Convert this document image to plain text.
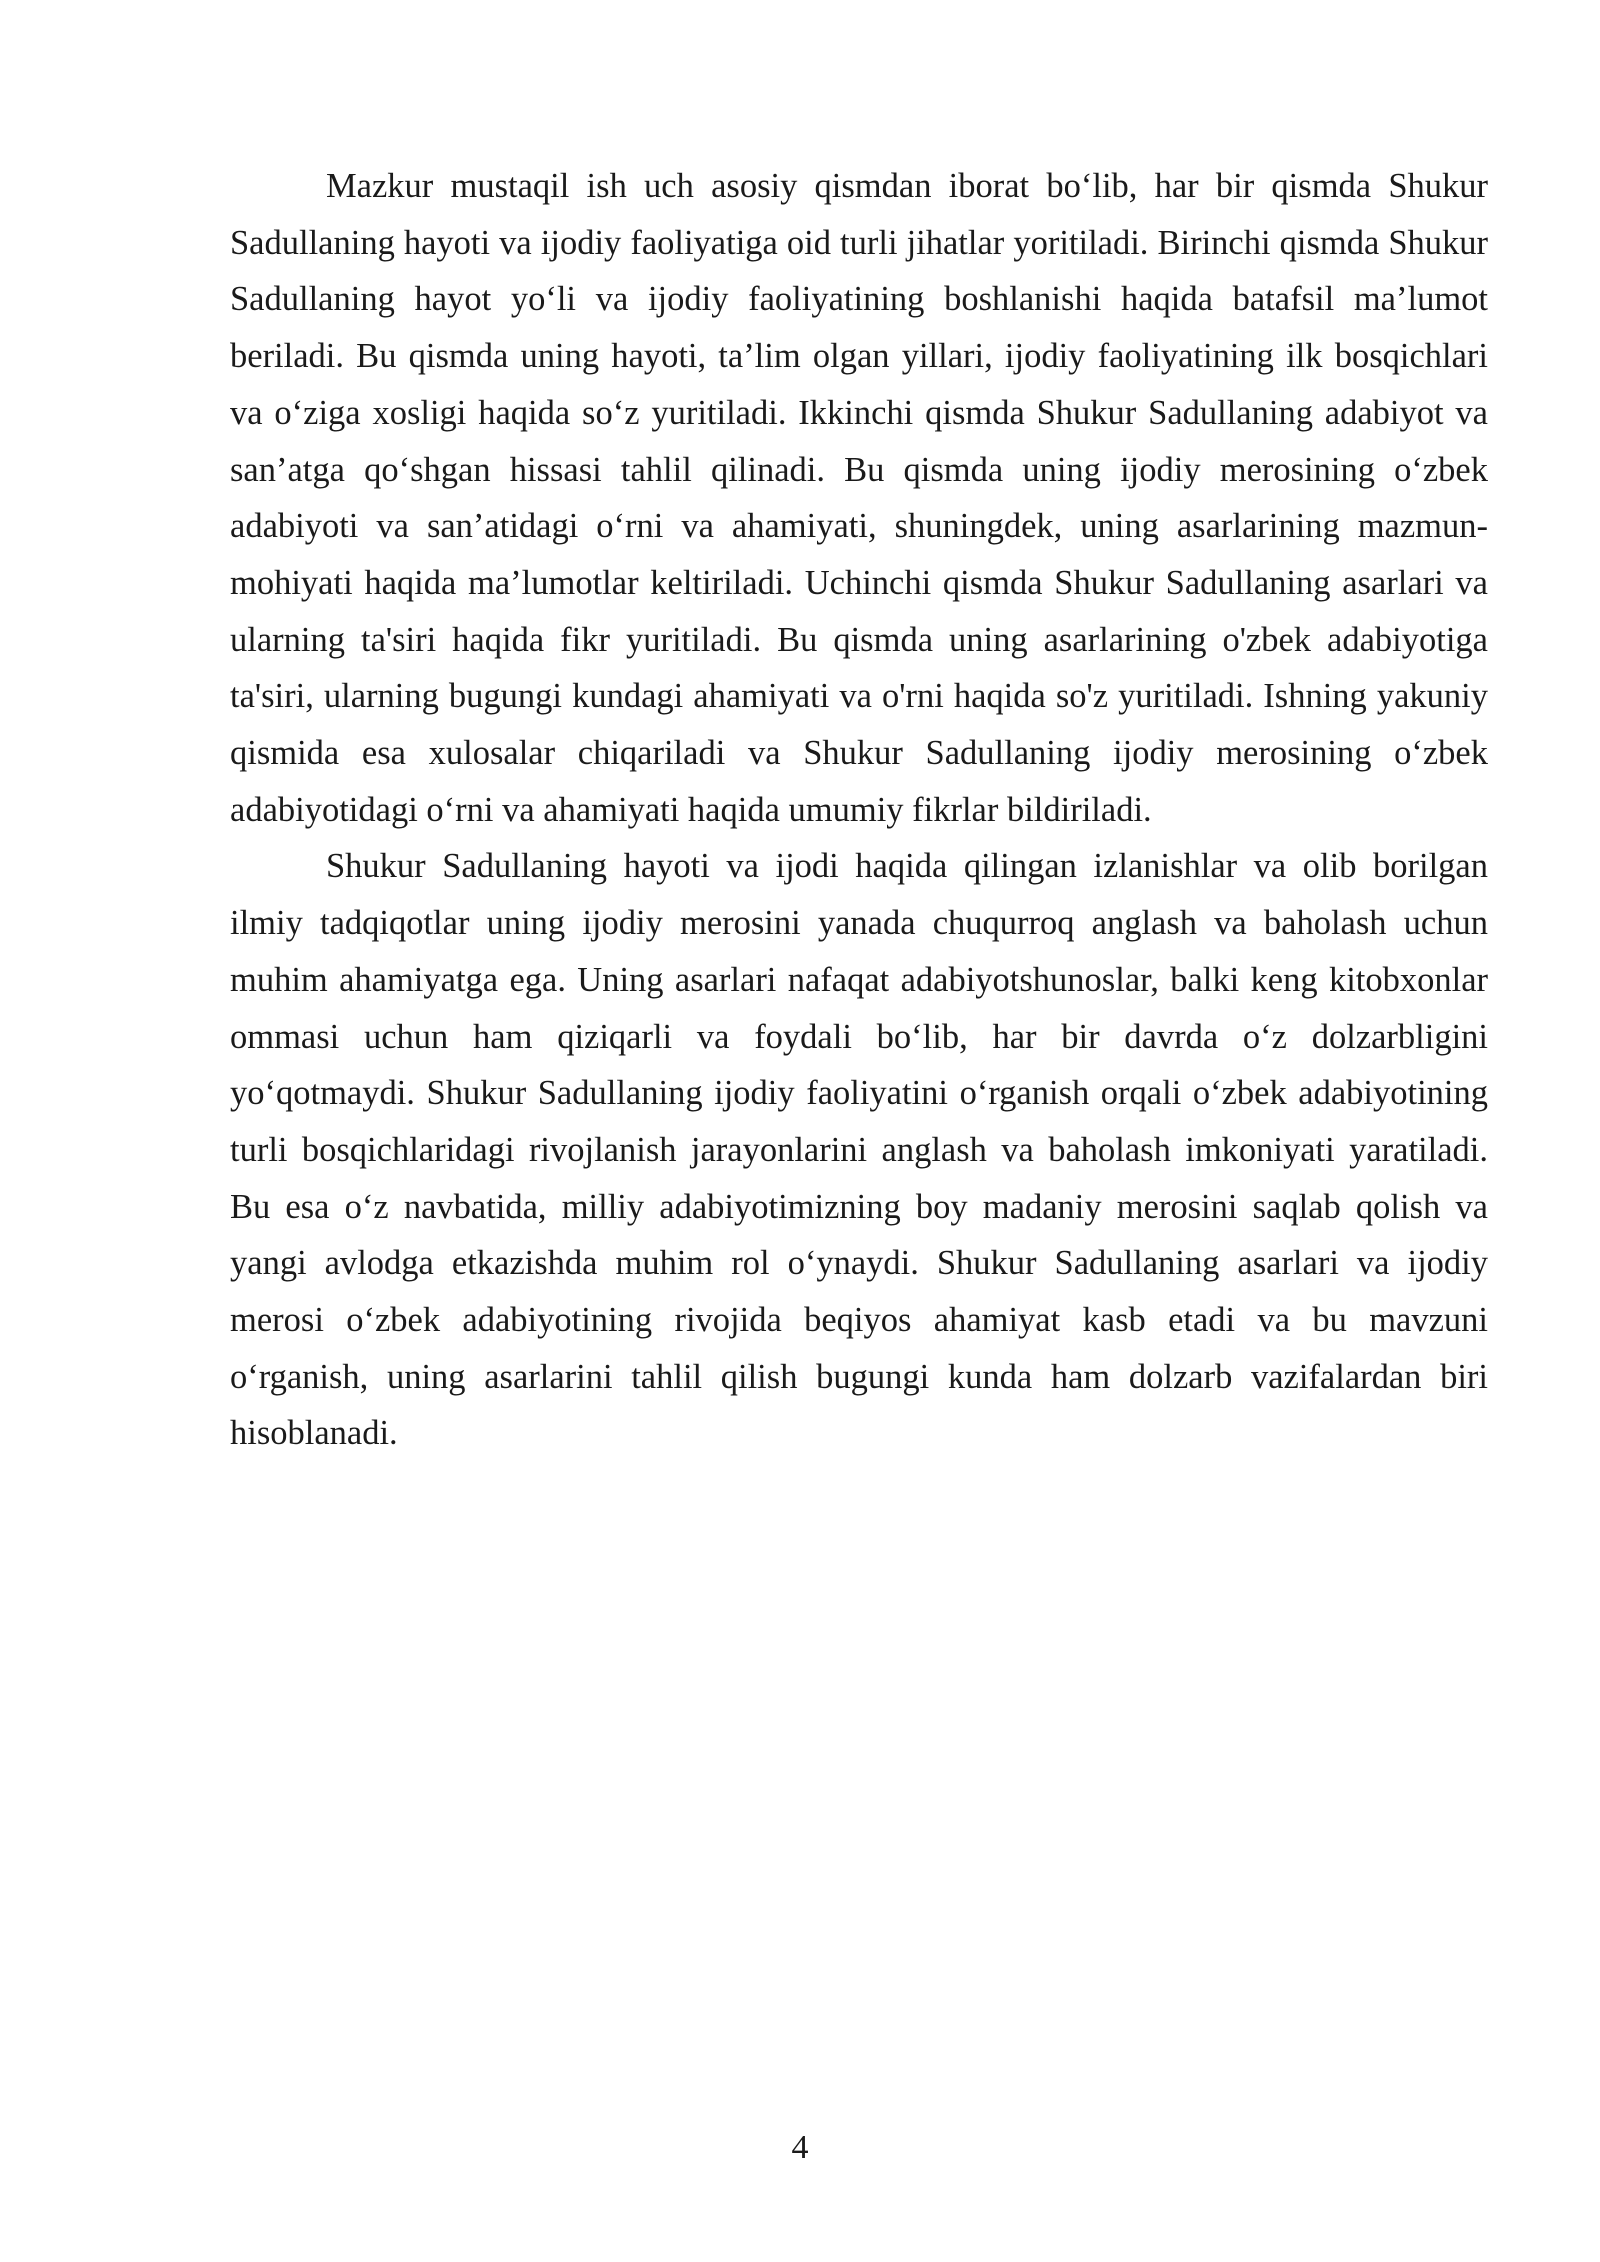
Mazkur mustaqil ish uch asosiy qismdan iborat bo‘lib, har bir qismda Shukur Sadullaning hayoti va ijodiy faoliyatiga oid turli jihatlar yoritiladi. Birinchi qismda Shukur Sadullaning hayot yo‘li va ijodiy faoliyatining boshlanishi haqida batafsil ma’lumot beriladi. Bu qismda uning hayoti, ta’lim olgan yillari, ijodiy faoliyatining ilk bosqichlari va o‘ziga xosligi haqida so‘z yuritiladi. Ikkinchi qismda Shukur Sadullaning adabiyot va san’atga qo‘shgan hissasi tahlil qilinadi. Bu qismda uning ijodiy merosining o‘zbek adabiyoti va san’atidagi o‘rni va ahamiyati, shuningdek, uning asarlarining mazmun-mohiyati haqida ma’lumotlar keltiriladi. Uchinchi qismda Shukur Sadullaning asarlari va ularning ta'siri haqida fikr yuritiladi. Bu qismda uning asarlarining o'zbek adabiyotiga ta'siri, ularning bugungi kundagi ahamiyati va o'rni haqida so'z yuritiladi. Ishning yakuniy qismida esa xulosalar chiqariladi va Shukur Sadullaning ijodiy merosining o‘zbek adabiyotidagi o‘rni va ahamiyati haqida umumiy fikrlar bildiriladi.

Shukur Sadullaning hayoti va ijodi haqida qilingan izlanishlar va olib borilgan ilmiy tadqiqotlar uning ijodiy merosini yanada chuqurroq anglash va baholash uchun muhim ahamiyatga ega. Uning asarlari nafaqat adabiyotshunoslar, balki keng kitobxonlar ommasi uchun ham qiziqarli va foydali bo‘lib, har bir davrda o‘z dolzarbligini yo‘qotmaydi. Shukur Sadullaning ijodiy faoliyatini o‘rganish orqali o‘zbek adabiyotining turli bosqichlaridagi rivojlanish jarayonlarini anglash va baholash imkoniyati yaratiladi. Bu esa o‘z navbatida, milliy adabiyotimizning boy madaniy merosini saqlab qolish va yangi avlodga etkazishda muhim rol o‘ynaydi. Shukur Sadullaning asarlari va ijodiy merosi o‘zbek adabiyotining rivojida beqiyos ahamiyat kasb etadi va bu mavzuni o‘rganish, uning asarlarini tahlil qilish bugungi kunda ham dolzarb vazifalardan biri hisoblanadi.

4
